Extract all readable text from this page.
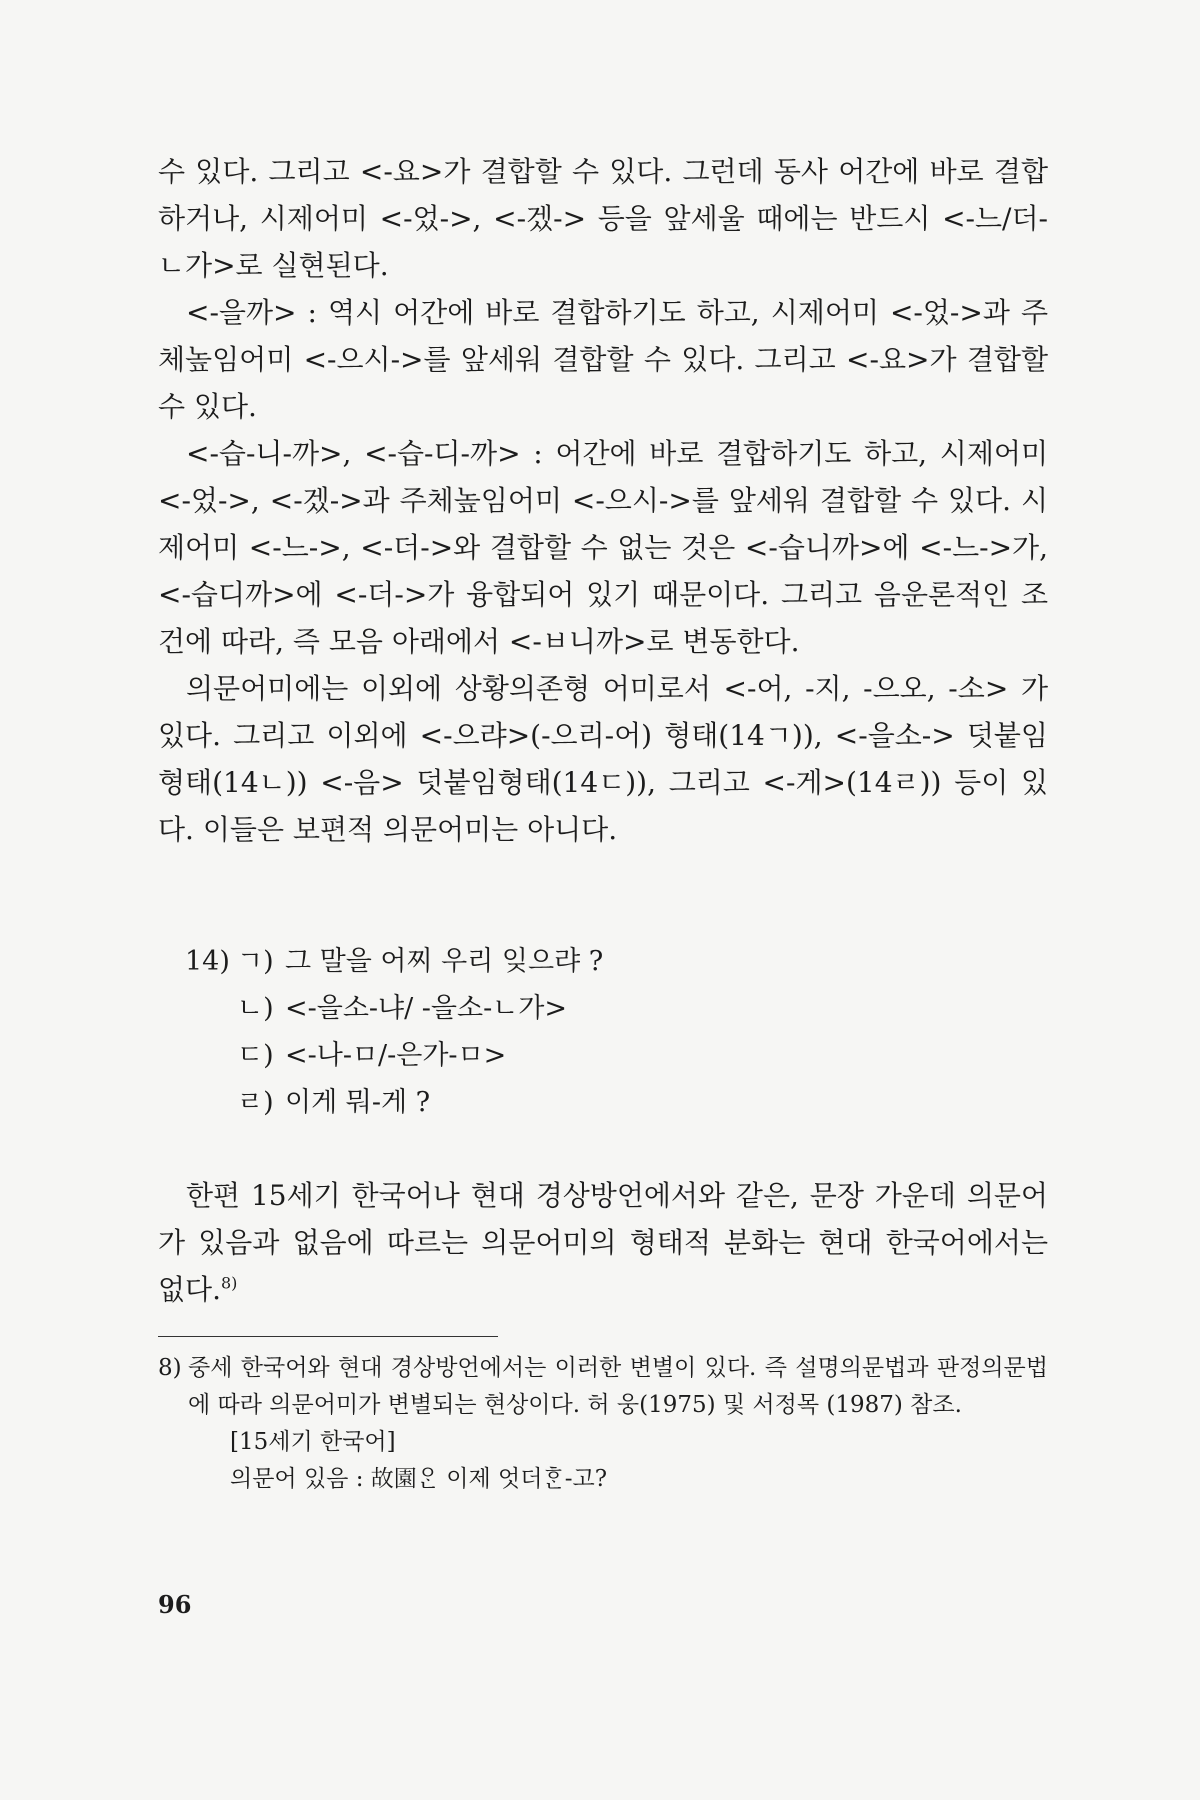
수 있다. 그리고 <-요>가 결합할 수 있다. 그런데 동사 어간에 바로 결합하거나, 시제어미 <-었->, <-겠-> 등을 앞세울 때에는 반드시 <-느/더-ㄴ가>로 실현된다.

<-을까> : 역시 어간에 바로 결합하기도 하고, 시제어미 <-었->과 주체높임어미 <-으시->를 앞세워 결합할 수 있다. 그리고 <-요>가 결합할 수 있다.

<-습-니-까>, <-습-디-까> : 어간에 바로 결합하기도 하고, 시제어미 <-었->, <-겠->과 주체높임어미 <-으시->를 앞세워 결합할 수 있다. 시제어미 <-느->, <-더->와 결합할 수 없는 것은 <-습니까>에 <-느->가, <-습디까>에 <-더->가 융합되어 있기 때문이다. 그리고 음운론적인 조건에 따라, 즉 모음 아래에서 <-ㅂ니까>로 변동한다.

의문어미에는 이외에 상황의존형 어미로서 <-어, -지, -으오, -소> 가 있다. 그리고 이외에 <-으랴>(-으리-어) 형태(14ㄱ)), <-을소-> 덧붙임형태(14ㄴ)) <-음> 덧붙임형태(14ㄷ)), 그리고 <-게>(14ㄹ)) 등이 있다. 이들은 보편적 의문어미는 아니다.

14) ㄱ) 그 말을 어찌 우리 잊으랴 ?
ㄴ) <-을소-냐/ -을소-ㄴ가>
ㄷ) <-나-ㅁ/-은가-ㅁ>
ㄹ) 이게 뭐-게 ?

한편 15세기 한국어나 현대 경상방언에서와 같은, 문장 가운데 의문어가 있음과 없음에 따르는 의문어미의 형태적 분화는 현대 한국어에서는 없다.$^{8)}$

8) 중세 한국어와 현대 경상방언에서는 이러한 변별이 있다. 즉 설명의문법과 판정의문법에 따라 의문어미가 변별되는 현상이다. 허 웅(1975) 및 서정목 (1987) 참조.
[15세기 한국어]
의문어 있음 : 故園ᄋᆞᆫ 이제 엇더ᄒᆞᆫ-고?
96
